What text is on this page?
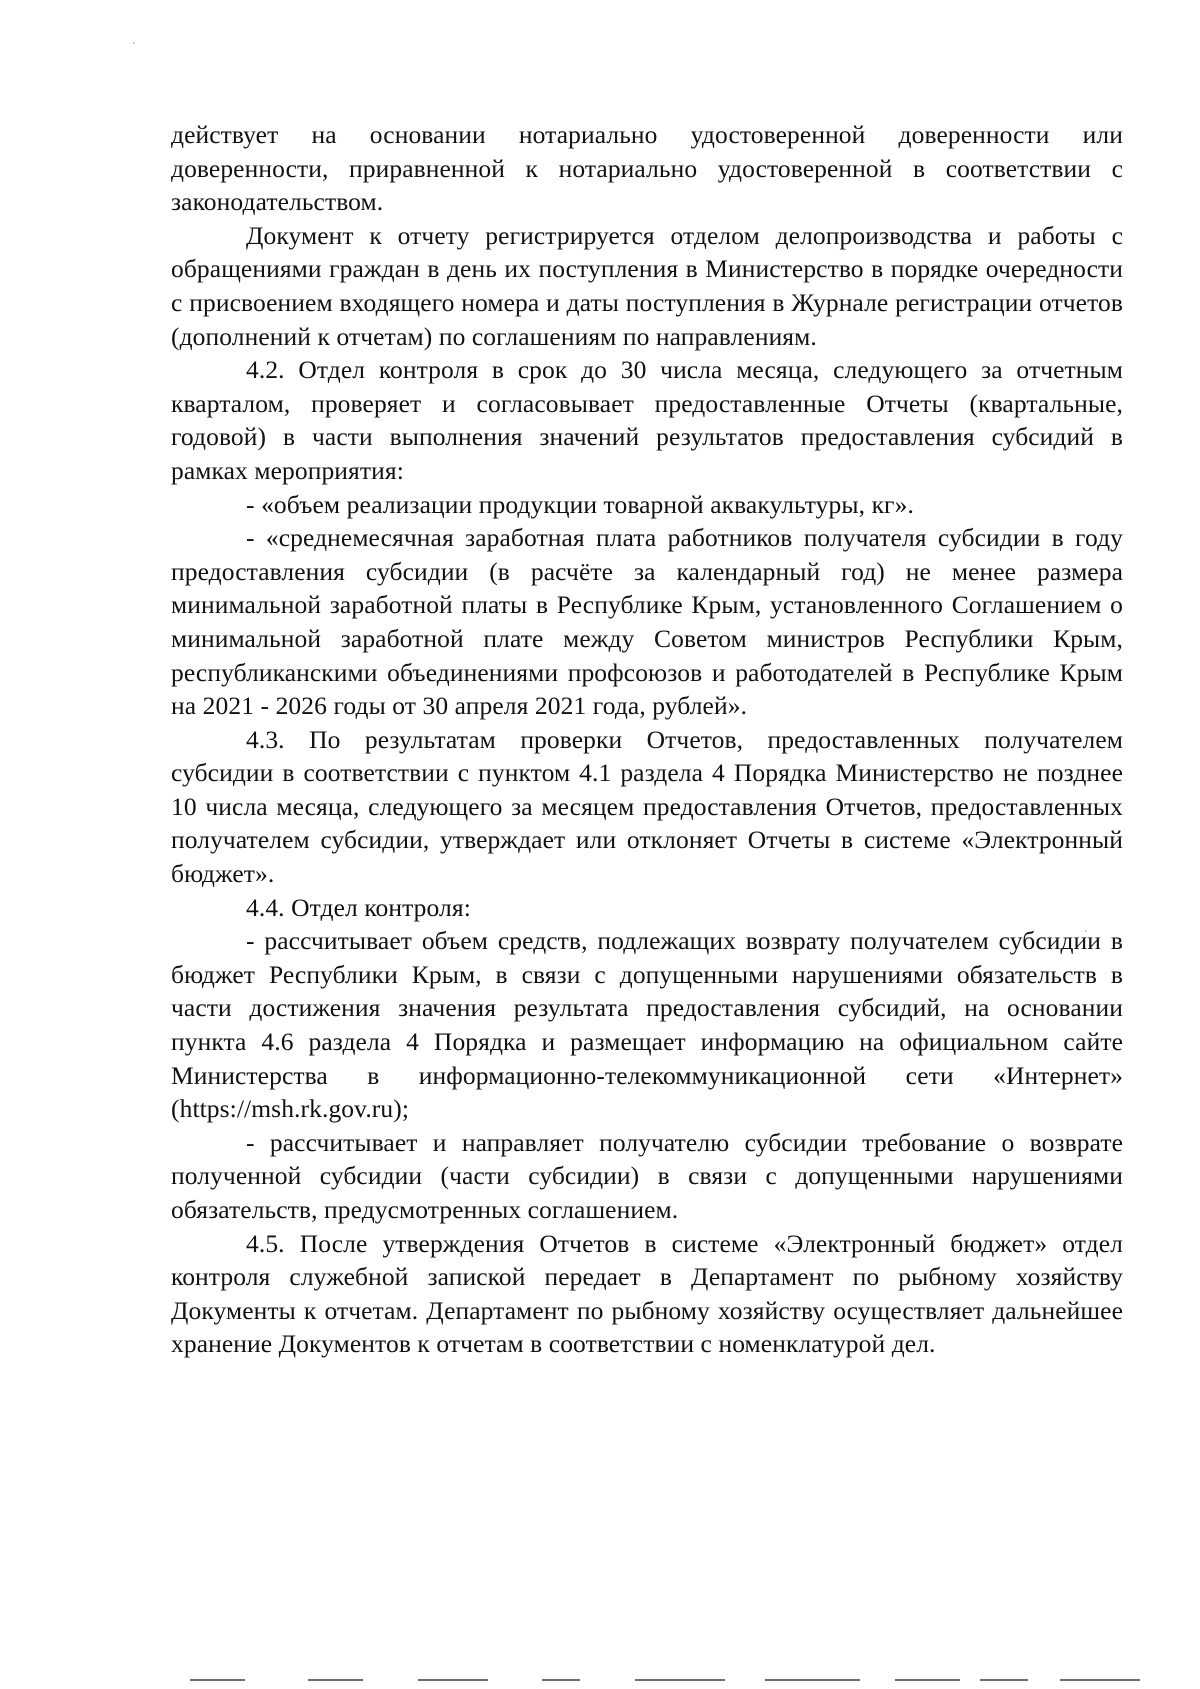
действует на основании нотариально удостоверенной доверенности или доверенности, приравненной к нотариально удостоверенной в соответствии с законодательством.

Документ к отчету регистрируется отделом делопроизводства и работы с обращениями граждан в день их поступления в Министерство в порядке очередности с присвоением входящего номера и даты поступления в Журнале регистрации отчетов (дополнений к отчетам) по соглашениям по направлениям.

4.2. Отдел контроля в срок до 30 числа месяца, следующего за отчетным кварталом, проверяет и согласовывает предоставленные Отчеты (квартальные, годовой) в части выполнения значений результатов предоставления субсидий в рамках мероприятия:

- «объем реализации продукции товарной аквакультуры, кг».

- «среднемесячная заработная плата работников получателя субсидии в году предоставления субсидии (в расчёте за календарный год) не менее размера минимальной заработной платы в Республике Крым, установленного Соглашением о минимальной заработной плате между Советом министров Республики Крым, республиканскими объединениями профсоюзов и работодателей в Республике Крым на 2021 - 2026 годы от 30 апреля 2021 года, рублей».

4.3. По результатам проверки Отчетов, предоставленных получателем субсидии в соответствии с пунктом 4.1 раздела 4 Порядка Министерство не позднее 10 числа месяца, следующего за месяцем предоставления Отчетов, предоставленных получателем субсидии, утверждает или отклоняет Отчеты в системе «Электронный бюджет».

4.4. Отдел контроля:

- рассчитывает объем средств, подлежащих возврату получателем субсидии в бюджет Республики Крым, в связи с допущенными нарушениями обязательств в части достижения значения результата предоставления субсидий, на основании пункта 4.6 раздела 4 Порядка и размещает информацию на официальном сайте Министерства в информационно-телекоммуникационной сети «Интернет» (https://msh.rk.gov.ru);

- рассчитывает и направляет получателю субсидии требование о возврате полученной субсидии (части субсидии) в связи с допущенными нарушениями обязательств, предусмотренных соглашением.

4.5. После утверждения Отчетов в системе «Электронный бюджет» отдел контроля служебной запиской передает в Департамент по рыбному хозяйству Документы к отчетам. Департамент по рыбному хозяйству осуществляет дальнейшее хранение Документов к отчетам в соответствии с номенклатурой дел.
